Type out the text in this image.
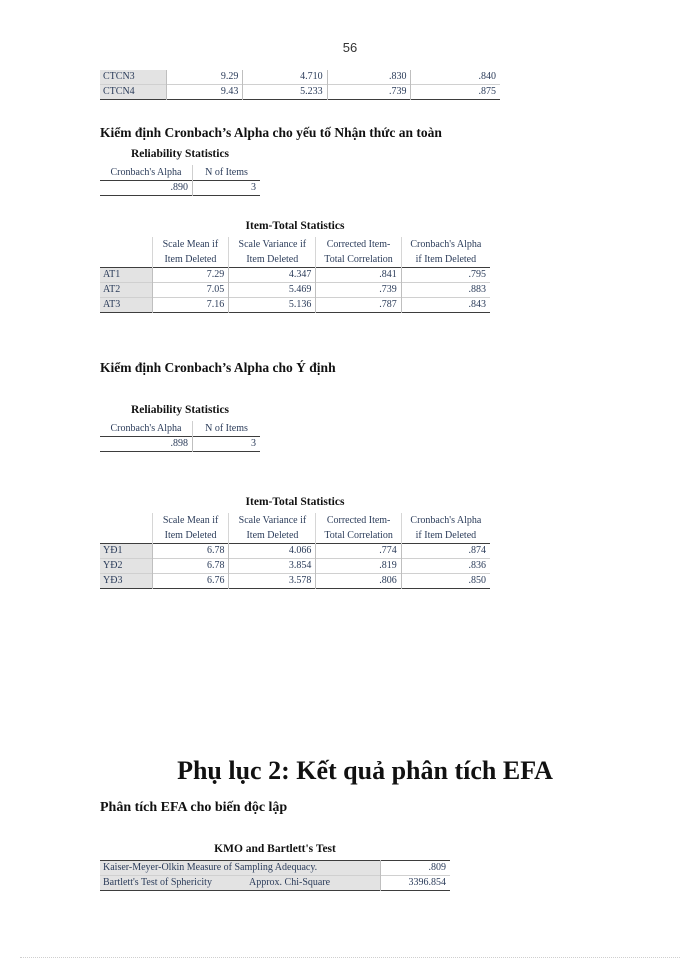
56
CTCN3	9.29	4.710	.830	.840
CTCN4	9.43	5.233	.739	.875
Kiểm định Cronbach’s Alpha cho yếu tố Nhận thức an toàn
Reliability Statistics
Cronbach's Alpha	N of Items
.890	3
Item-Total Statistics
	Scale Mean if	Scale Variance if	Corrected Item-	Cronbach's Alpha
	Item Deleted	Item Deleted	Total Correlation	if Item Deleted
AT1	7.29	4.347	.841	.795
AT2	7.05	5.469	.739	.883
AT3	7.16	5.136	.787	.843
Kiểm định Cronbach’s Alpha cho Ý định
Reliability Statistics
Cronbach's Alpha	N of Items
.898	3
Item-Total Statistics
	Scale Mean if	Scale Variance if	Corrected Item-	Cronbach's Alpha
	Item Deleted	Item Deleted	Total Correlation	if Item Deleted
YĐ1	6.78	4.066	.774	.874
YĐ2	6.78	3.854	.819	.836
YĐ3	6.76	3.578	.806	.850
Phụ lục 2: Kết quả phân tích EFA
Phân tích EFA cho biến độc lập
KMO and Bartlett's Test
Kaiser-Meyer-Olkin Measure of Sampling Adequacy.		.809
Bartlett's Test of Sphericity	Approx. Chi-Square	3396.854
